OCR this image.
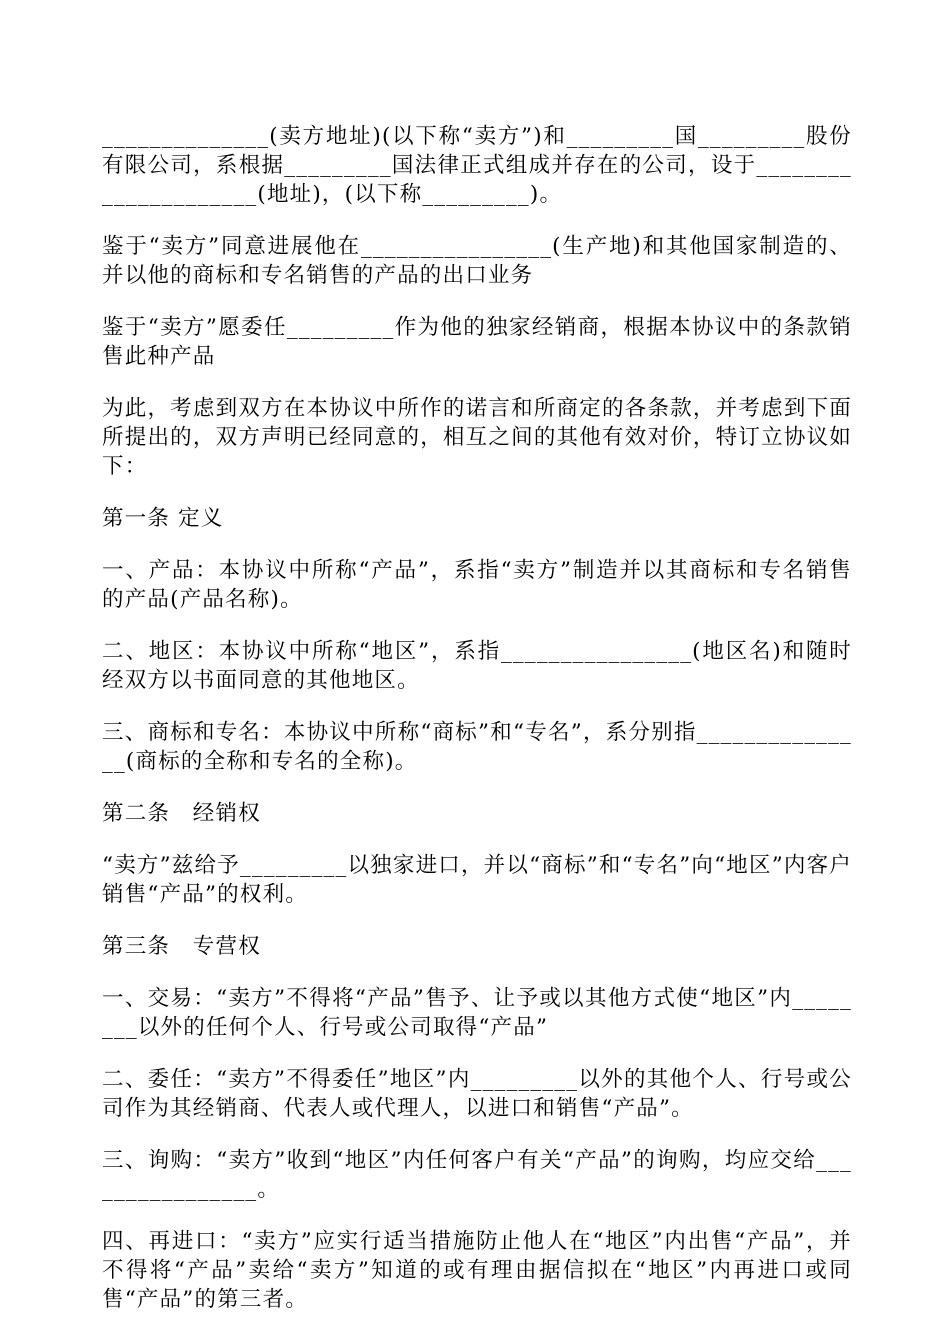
______________(卖方地址)(以下称“卖方”)和_________国_________股份有限公司，系根据_________国法律正式组成并存在的公司，设于_____________________(地址)，(以下称_________)。

鉴于“卖方”同意进展他在________________(生产地)和其他国家制造的、并以他的商标和专名销售的产品的出口业务

鉴于“卖方”愿委任_________作为他的独家经销商，根据本协议中的条款销售此种产品

为此，考虑到双方在本协议中所作的诺言和所商定的各条款，并考虑到下面所提出的，双方声明已经同意的，相互之间的其他有效对价，特订立协议如下：

第一条 定义

一、产品：本协议中所称“产品”，系指“卖方”制造并以其商标和专名销售的产品(产品名称)。

二、地区：本协议中所称“地区”，系指________________(地区名)和随时经双方以书面同意的其他地区。

三、商标和专名：本协议中所称“商标”和“专名”，系分别指_______________(商标的全称和专名的全称)。

第二条　经销权

“卖方”兹给予_________以独家进口，并以“商标”和“专名”向“地区”内客户销售“产品”的权利。

第三条　专营权

一、交易：“卖方”不得将“产品”售予、让予或以其他方式使“地区”内________以外的任何个人、行号或公司取得“产品”

二、委任：“卖方”不得委任”地区”内_________以外的其他个人、行号或公司作为其经销商、代表人或代理人，以进口和销售“产品”。

三、询购：“卖方”收到“地区”内任何客户有关“产品”的询购，均应交给________________。

四、再进口：“卖方”应实行适当措施防止他人在“地区”内出售“产品”，并不得将“产品”卖给“卖方”知道的或有理由据信拟在“地区”内再进口或同售“产品”的第三者。
